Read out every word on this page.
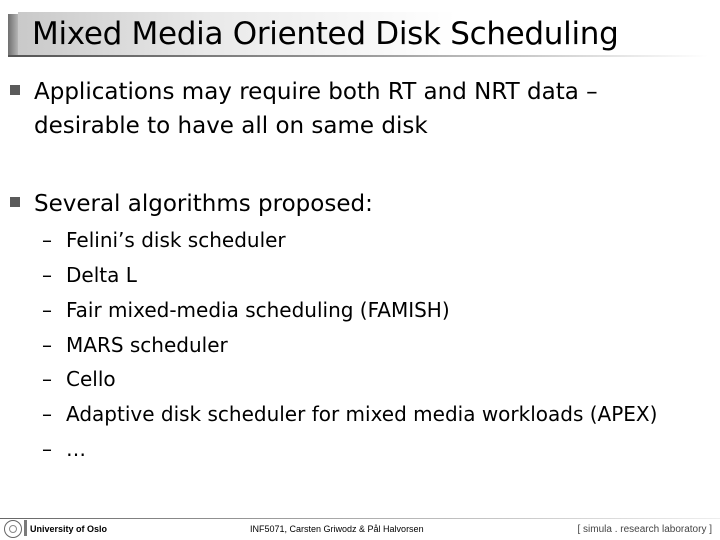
Mixed Media Oriented Disk Scheduling
Applications may require both RT and NRT data –
desirable to have all on same disk
Several algorithms proposed:
– Felini’s disk scheduler
– Delta L
– Fair mixed-media scheduling (FAMISH)
– MARS scheduler
– Cello
– Adaptive disk scheduler for mixed media workloads (APEX)
– …
University of Oslo	INF5071, Carsten Griwodz & Pål Halvorsen	[ simula . research laboratory ]
